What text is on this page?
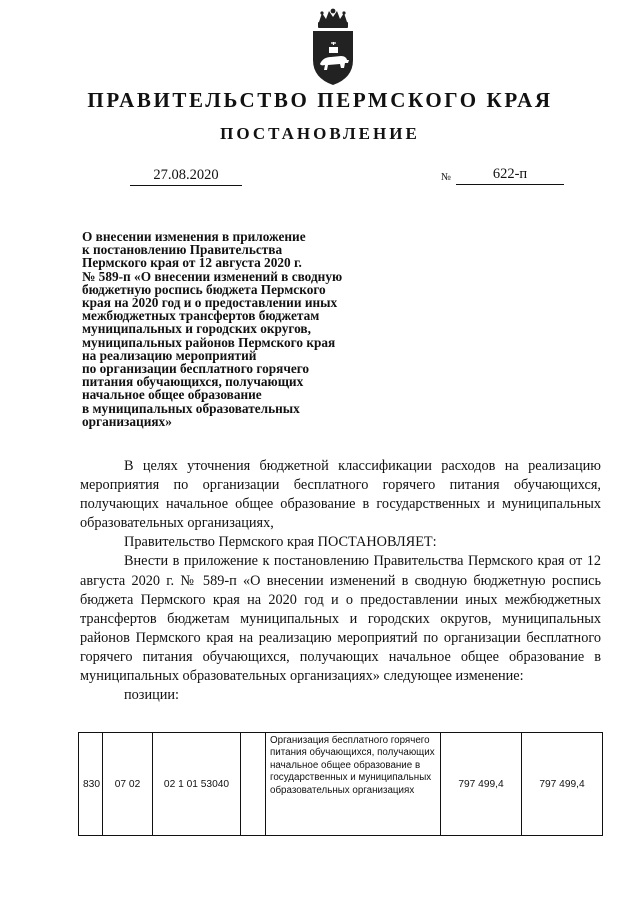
ПРАВИТЕЛЬСТВО ПЕРМСКОГО КРАЯ
ПОСТАНОВЛЕНИЕ
27.08.2020	№	622-п
О внесении изменения в приложение
к постановлению Правительства
Пермского края от 12 августа 2020 г.
№ 589-п «О внесении изменений в сводную
бюджетную роспись бюджета Пермского
края на 2020 год и о предоставлении иных
межбюджетных трансфертов бюджетам
муниципальных и городских округов,
муниципальных районов Пермского края
на реализацию мероприятий
по организации бесплатного горячего
питания обучающихся, получающих
начальное общее образование
в муниципальных образовательных
организациях»

В целях уточнения бюджетной классификации расходов на реализацию мероприятия по организации бесплатного горячего питания обучающихся, получающих начальное общее образование в государственных и муниципальных образовательных организациях,

Правительство Пермского края ПОСТАНОВЛЯЕТ:

Внести в приложение к постановлению Правительства Пермского края от 12 августа 2020 г. № 589-п «О внесении изменений в сводную бюджетную роспись бюджета Пермского края на 2020 год и о предоставлении иных межбюджетных трансфертов бюджетам муниципальных и городских округов, муниципальных районов Пермского края на реализацию мероприятий по организации бесплатного горячего питания обучающихся, получающих начальное общее образование в муниципальных образовательных организациях» следующее изменение:

позиции:

830	07 02	02 1 01 53040		Организация бесплатного горячего питания обучающихся, получающих начальное общее образование в государственных и муниципальных образовательных организациях	797 499,4	797 499,4
